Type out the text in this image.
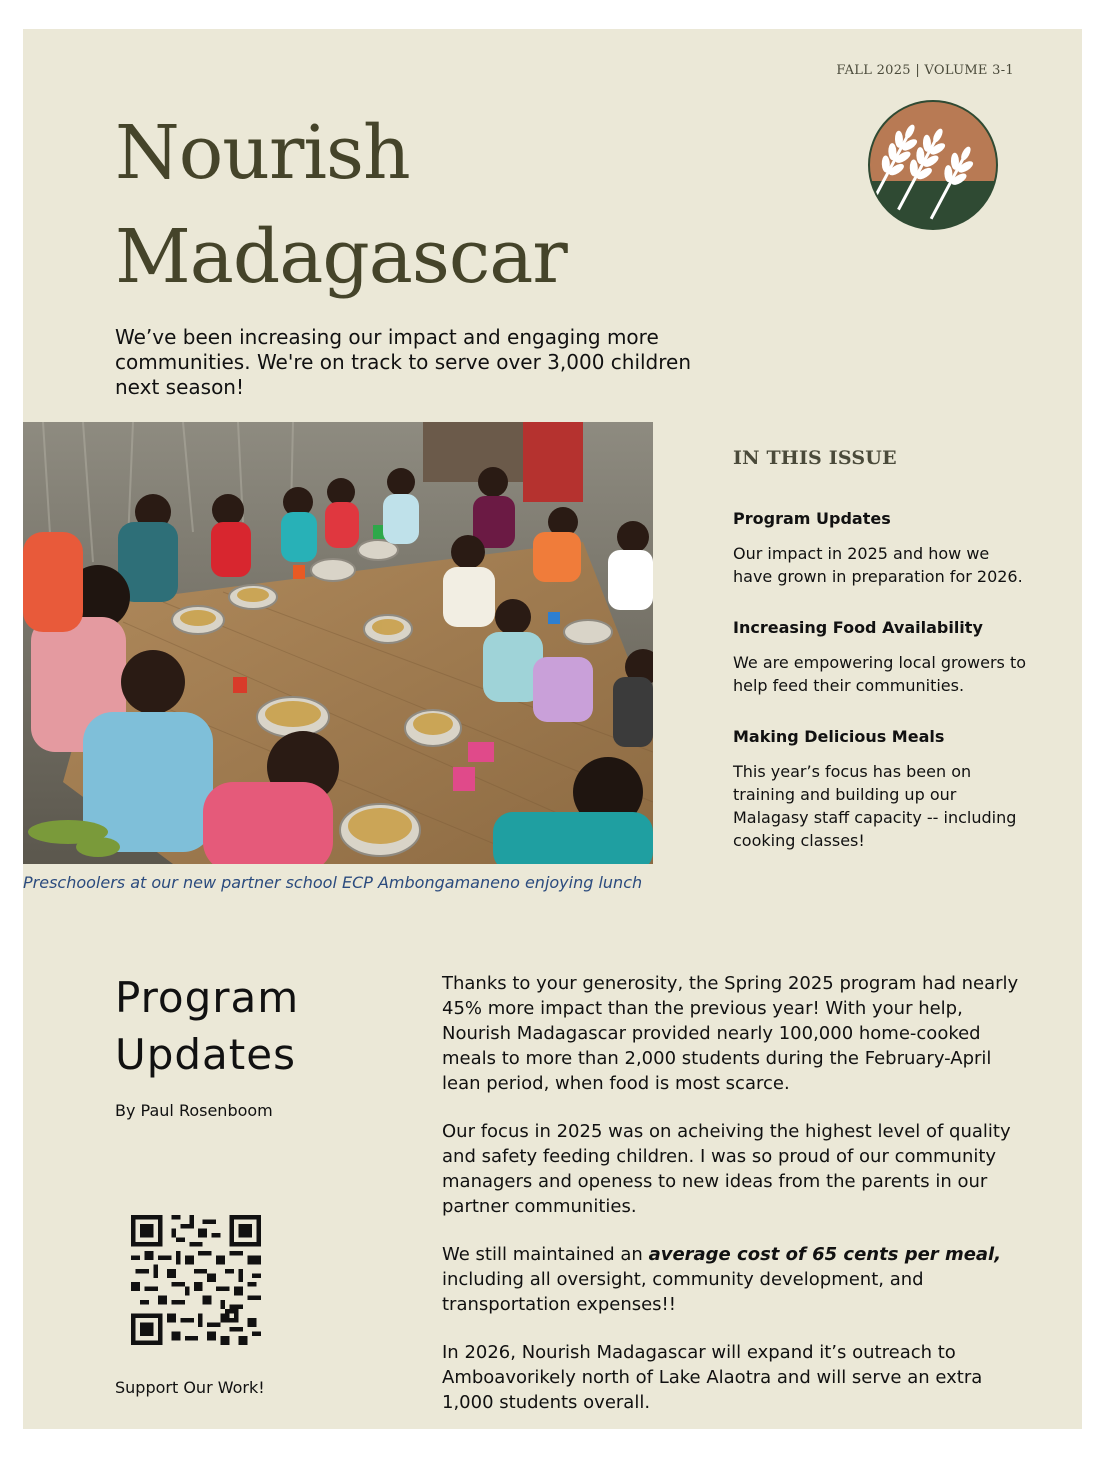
FALL 2025 | VOLUME 3-1
Nourish
Madagascar

We’ve been increasing our impact and engaging more communities. We're on track to serve over 3,000 children next season!

Preschoolers at our new partner school ECP Ambongamaneno enjoying lunch
IN THIS ISSUE

Program Updates

Our impact in 2025 and how we have grown in preparation for 2026.

Increasing Food Availability

We are empowering local growers to help feed their communities.

Making Delicious Meals

This year’s focus has been on training and building up our Malagasy staff capacity -- including cooking classes!

Program
Updates
By Paul Rosenboom
Support Our Work!

Thanks to your generosity, the Spring 2025 program had nearly 45% more impact than the previous year! With your help, Nourish Madagascar provided nearly 100,000 home-cooked meals to more than 2,000 students during the February-April lean period, when food is most scarce.

Our focus in 2025 was on acheiving the highest level of quality and safety feeding children. I was so proud of our community managers and openess to new ideas from the parents in our partner communities.

We still maintained an average cost of 65 cents per meal, including all oversight, community development, and transportation expenses!!

In 2026, Nourish Madagascar will expand it’s outreach to Amboavorikely north of Lake Alaotra and will serve an extra 1,000 students overall.
